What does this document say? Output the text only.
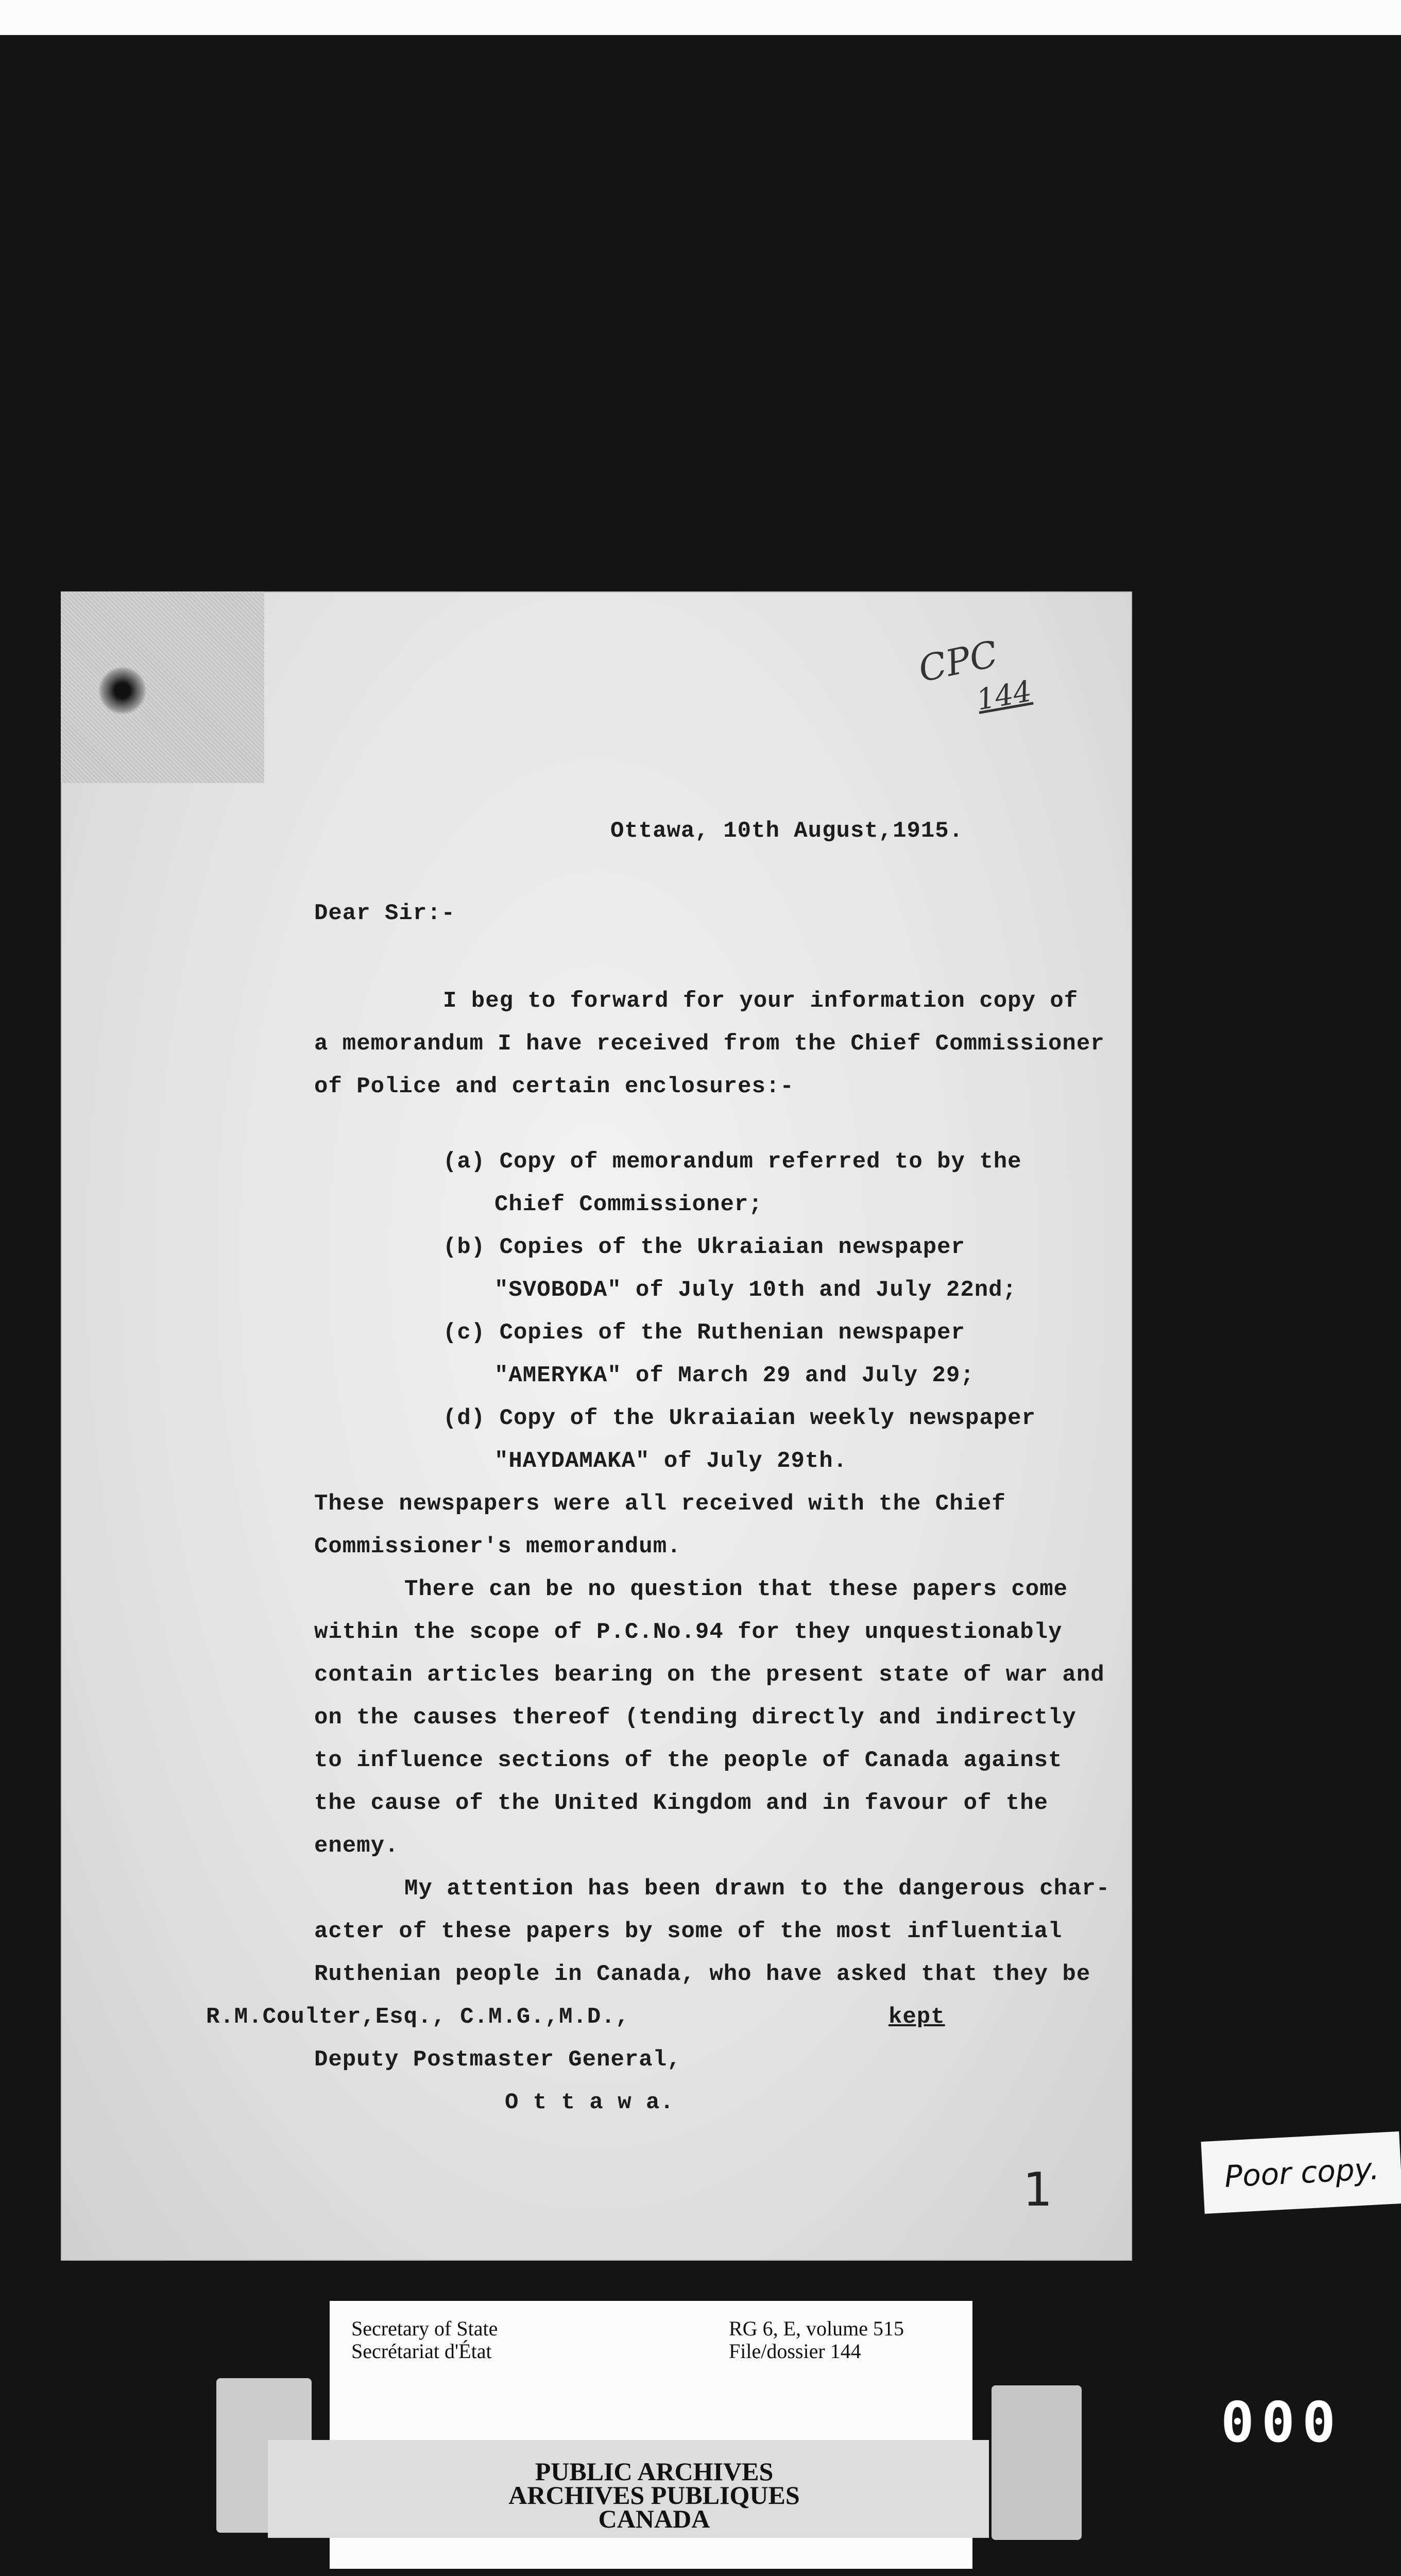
CPC
144
Ottawa, 10th August,1915.
Dear Sir:-
I beg to forward for your information copy of
a memorandum I have received from the Chief Commissioner
of Police and certain enclosures:-
(a) Copy of memorandum referred to by the
Chief Commissioner;
(b) Copies of the Ukraiaian newspaper
"SVOBODA" of July 10th and July 22nd;
(c) Copies of the Ruthenian newspaper
"AMERYKA" of March 29 and July 29;
(d) Copy of the Ukraiaian weekly newspaper
"HAYDAMAKA" of July 29th.
These newspapers were all received with the Chief
Commissioner's memorandum.
There can be no question that these papers come
within the scope of P.C.No.94 for they unquestionably
contain articles bearing on the present state of war and
on the causes thereof (tending directly and indirectly
to influence sections of the people of Canada against
the cause of the United Kingdom and in favour of the
enemy.
My attention has been drawn to the dangerous char-
acter of these papers by some of the most influential
Ruthenian people in Canada, who have asked that they be
R.M.Coulter,Esq., C.M.G.,M.D.,	kept
Deputy Postmaster General,
O t t a w a.
1	Poor copy.
Secretary of State
Secrétariat d'État
RG 6, E, volume 515
File/dossier 144
PUBLIC ARCHIVES
ARCHIVES PUBLIQUES
CANADA
000
